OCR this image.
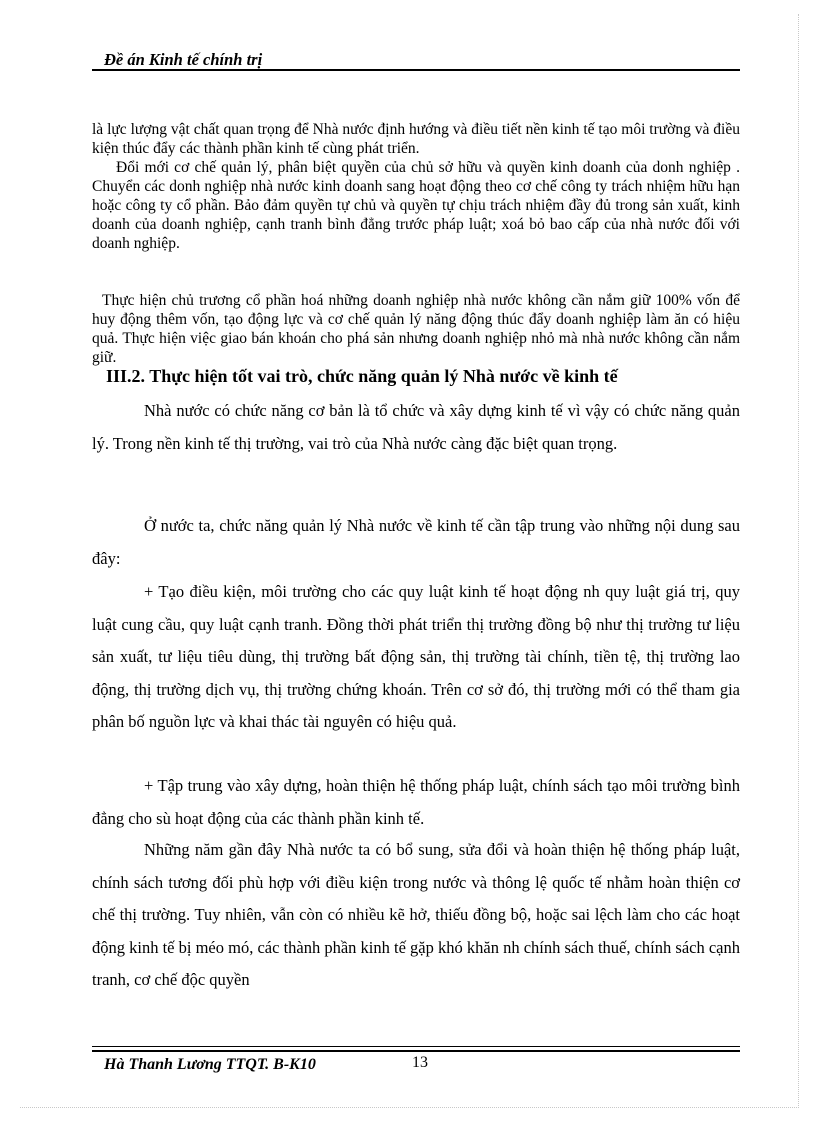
Đề án Kinh tế chính trị
là lực lượng vật chất quan trọng để Nhà nước định hướng và điều tiết nền kinh tế tạo môi trường và điều kiện thúc đẩy các thành phần kinh tế cùng phát triển.
Đổi mới cơ chế quản lý, phân biệt quyền của chủ sở hữu và quyền kinh doanh của donh nghiệp . Chuyển các donh nghiệp nhà nước kinh doanh sang hoạt động theo cơ chế công ty trách nhiệm hữu hạn hoặc công ty cổ phần. Bảo đảm quyền tự chủ và quyền tự chịu trách nhiệm đầy đủ trong sản xuất, kinh doanh của doanh nghiệp, cạnh tranh bình đẳng trước pháp luật; xoá bỏ bao cấp của nhà nước đối với doanh nghiệp.
Thực hiện chủ trương cổ phần hoá những doanh nghiệp nhà nước không cần nắm giữ 100% vốn để huy động thêm vốn, tạo động lực và cơ chế quản lý năng động thúc đẩy doanh nghiệp làm ăn có hiệu quả. Thực hiện việc giao bán khoán cho phá sản nhưng doanh nghiệp nhỏ mà nhà nước không cần nắm giữ.
III.2. Thực hiện tốt vai trò, chức năng quản lý Nhà nước về kinh tế
Nhà nước có chức năng cơ bản là tổ chức và xây dựng kinh tế vì vậy có chức năng quản lý. Trong nền kinh tế thị trường, vai trò của Nhà nước càng đặc biệt quan trọng.
Ở nước ta, chức năng quản lý Nhà nước về kinh tế cần tập trung vào những nội dung sau đây:
+ Tạo điều kiện, môi trường cho các quy luật kinh tế hoạt động nh quy luật giá trị, quy luật cung cầu, quy luật cạnh tranh. Đồng thời phát triển thị trường đồng bộ như thị trường tư liệu sản xuất, tư liệu tiêu dùng, thị trường bất động sản, thị trường tài chính, tiền tệ, thị trường lao động, thị trường dịch vụ, thị trường chứng khoán. Trên cơ sở đó, thị trường mới có thể tham gia phân bố nguồn lực và khai thác tài nguyên có hiệu quả.
+ Tập trung vào xây dựng, hoàn thiện hệ thống pháp luật, chính sách tạo môi trường bình đẳng cho sù hoạt động của các thành phần kinh tế.
Những năm gần đây Nhà nước ta có bổ sung, sửa đổi và hoàn thiện hệ thống pháp luật, chính sách tương đối phù hợp với điều kiện trong nước và thông lệ quốc tế nhằm hoàn thiện cơ chế thị trường. Tuy nhiên, vẫn còn có nhiều kẽ hở, thiếu đồng bộ, hoặc sai lệch làm cho các hoạt động kinh tế bị méo mó, các thành phần kinh tế gặp khó khăn nh chính sách thuế, chính sách cạnh tranh, cơ chế độc quyền
Hà Thanh Lương TTQT. B-K10	13
